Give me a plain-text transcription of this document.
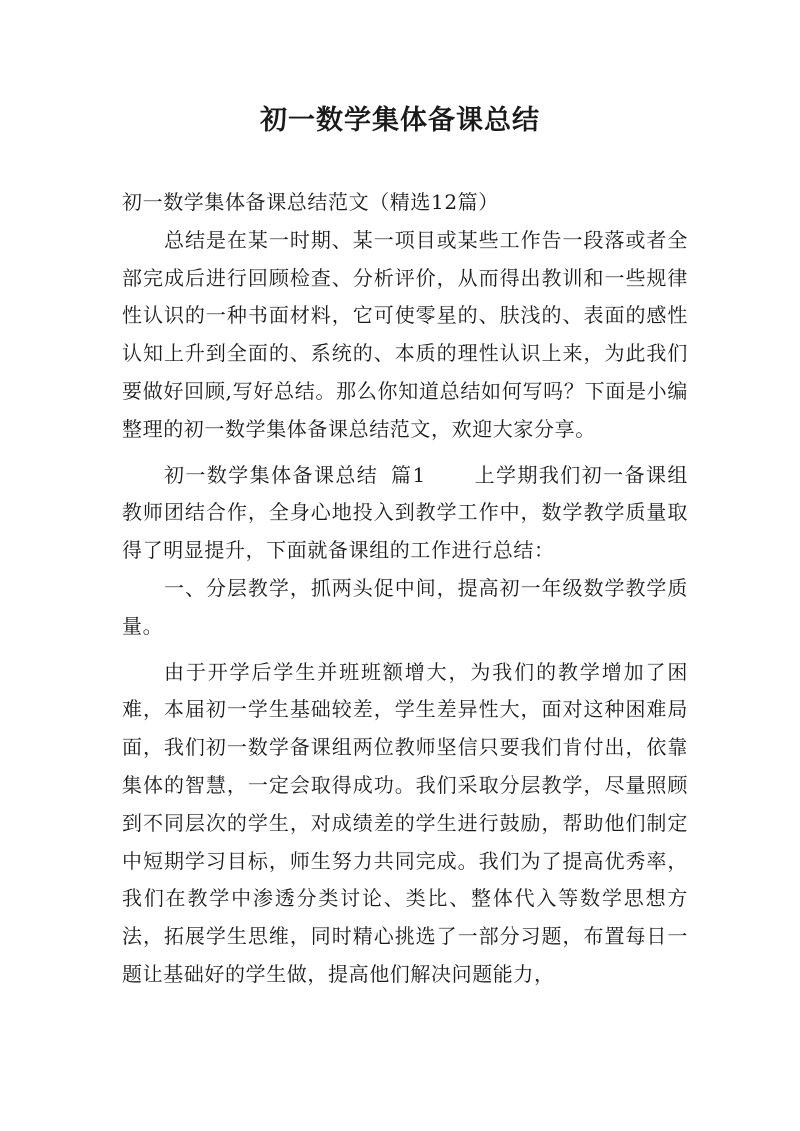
初一数学集体备课总结

初一数学集体备课总结范文（精选12篇）

总结是在某一时期、某一项目或某些工作告一段落或者全部完成后进行回顾检查、分析评价，从而得出教训和一些规律性认识的一种书面材料，它可使零星的、肤浅的、表面的感性认知上升到全面的、系统的、本质的理性认识上来，为此我们要做好回顾,写好总结。那么你知道总结如何写吗？下面是小编整理的初一数学集体备课总结范文，欢迎大家分享。

初一数学集体备课总结 篇1 上学期我们初一备课组教师团结合作，全身心地投入到教学工作中，数学教学质量取得了明显提升，下面就备课组的工作进行总结：

一、分层教学，抓两头促中间，提高初一年级数学教学质量。

由于开学后学生并班班额增大，为我们的教学增加了困难，本届初一学生基础较差，学生差异性大，面对这种困难局面，我们初一数学备课组两位教师坚信只要我们肯付出，依靠集体的智慧，一定会取得成功。我们采取分层教学，尽量照顾到不同层次的学生，对成绩差的学生进行鼓励，帮助他们制定中短期学习目标，师生努力共同完成。我们为了提高优秀率，我们在教学中渗透分类讨论、类比、整体代入等数学思想方法，拓展学生思维，同时精心挑选了一部分习题，布置每日一题让基础好的学生做，提高他们解决问题能力，
